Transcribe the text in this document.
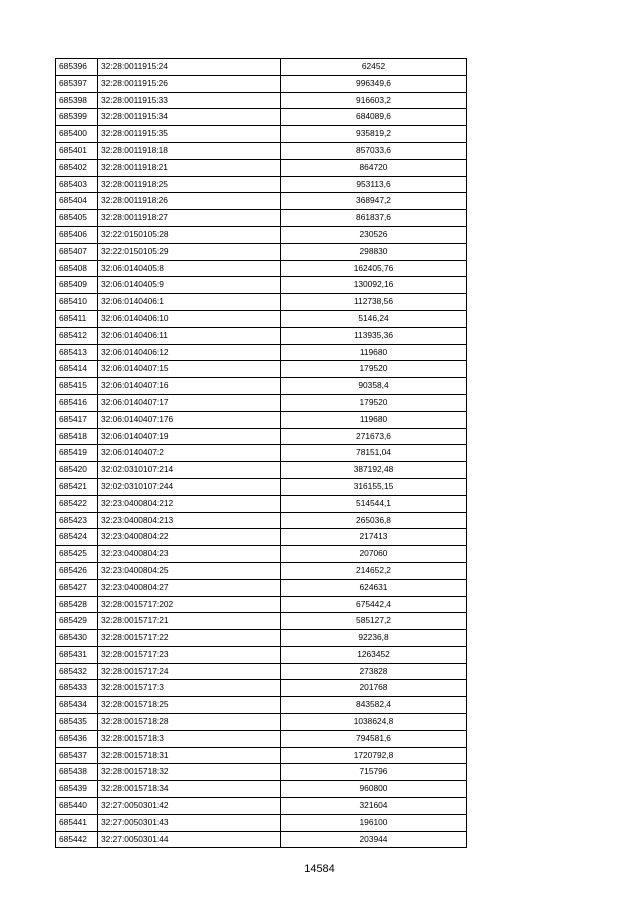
685396	32:28:0011915:24	62452
685397	32:28:0011915:26	996349,6
685398	32:28:0011915:33	916603,2
685399	32:28:0011915:34	684089,6
685400	32:28:0011915:35	935819,2
685401	32:28:0011918:18	857033,6
685402	32:28:0011918:21	864720
685403	32:28:0011918:25	953113,6
685404	32:28:0011918:26	368947,2
685405	32:28:0011918:27	861837,6
685406	32:22:0150105:28	230526
685407	32:22:0150105:29	298830
685408	32:06:0140405:8	162405,76
685409	32:06:0140405:9	130092,16
685410	32:06:0140406:1	112738,56
685411	32:06:0140406:10	5146,24
685412	32:06:0140406:11	113935,36
685413	32:06:0140406:12	119680
685414	32:06:0140407:15	179520
685415	32:06:0140407:16	90358,4
685416	32:06:0140407:17	179520
685417	32:06:0140407:176	119680
685418	32:06:0140407:19	271673,6
685419	32:06:0140407:2	78151,04
685420	32:02:0310107:214	387192,48
685421	32:02:0310107:244	316155,15
685422	32:23:0400804:212	514544,1
685423	32:23:0400804:213	265036,8
685424	32:23:0400804:22	217413
685425	32:23:0400804:23	207060
685426	32:23:0400804:25	214652,2
685427	32:23:0400804:27	624631
685428	32:28:0015717:202	675442,4
685429	32:28:0015717:21	585127,2
685430	32:28:0015717:22	92236,8
685431	32:28:0015717:23	1263452
685432	32:28:0015717:24	273828
685433	32:28:0015717:3	201768
685434	32:28:0015718:25	843582,4
685435	32:28:0015718:28	1038624,8
685436	32:28:0015718:3	794581,6
685437	32:28:0015718:31	1720792,8
685438	32:28:0015718:32	715796
685439	32:28:0015718:34	960800
685440	32:27:0050301:42	321604
685441	32:27:0050301:43	196100
685442	32:27:0050301:44	203944
14584
